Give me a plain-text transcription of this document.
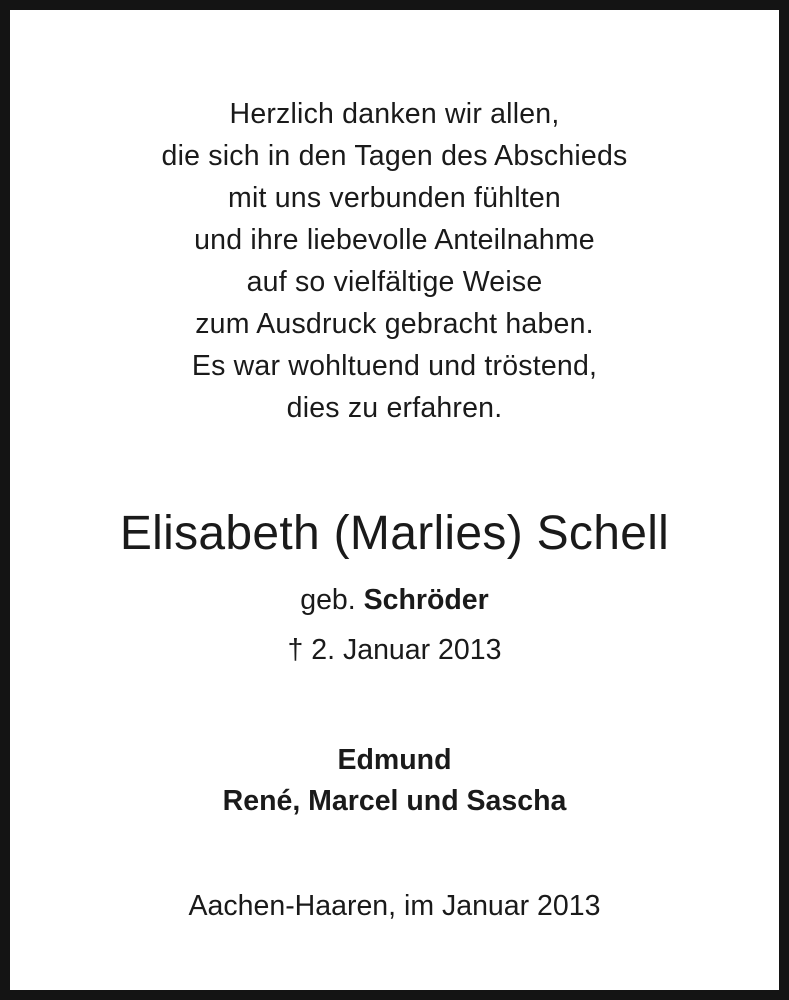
Herzlich danken wir allen,
die sich in den Tagen des Abschieds
mit uns verbunden fühlten
und ihre liebevolle Anteilnahme
auf so vielfältige Weise
zum Ausdruck gebracht haben.
Es war wohltuend und tröstend,
dies zu erfahren.
Elisabeth (Marlies) Schell
geb. Schröder
† 2. Januar 2013
Edmund
René, Marcel und Sascha
Aachen-Haaren, im Januar 2013
